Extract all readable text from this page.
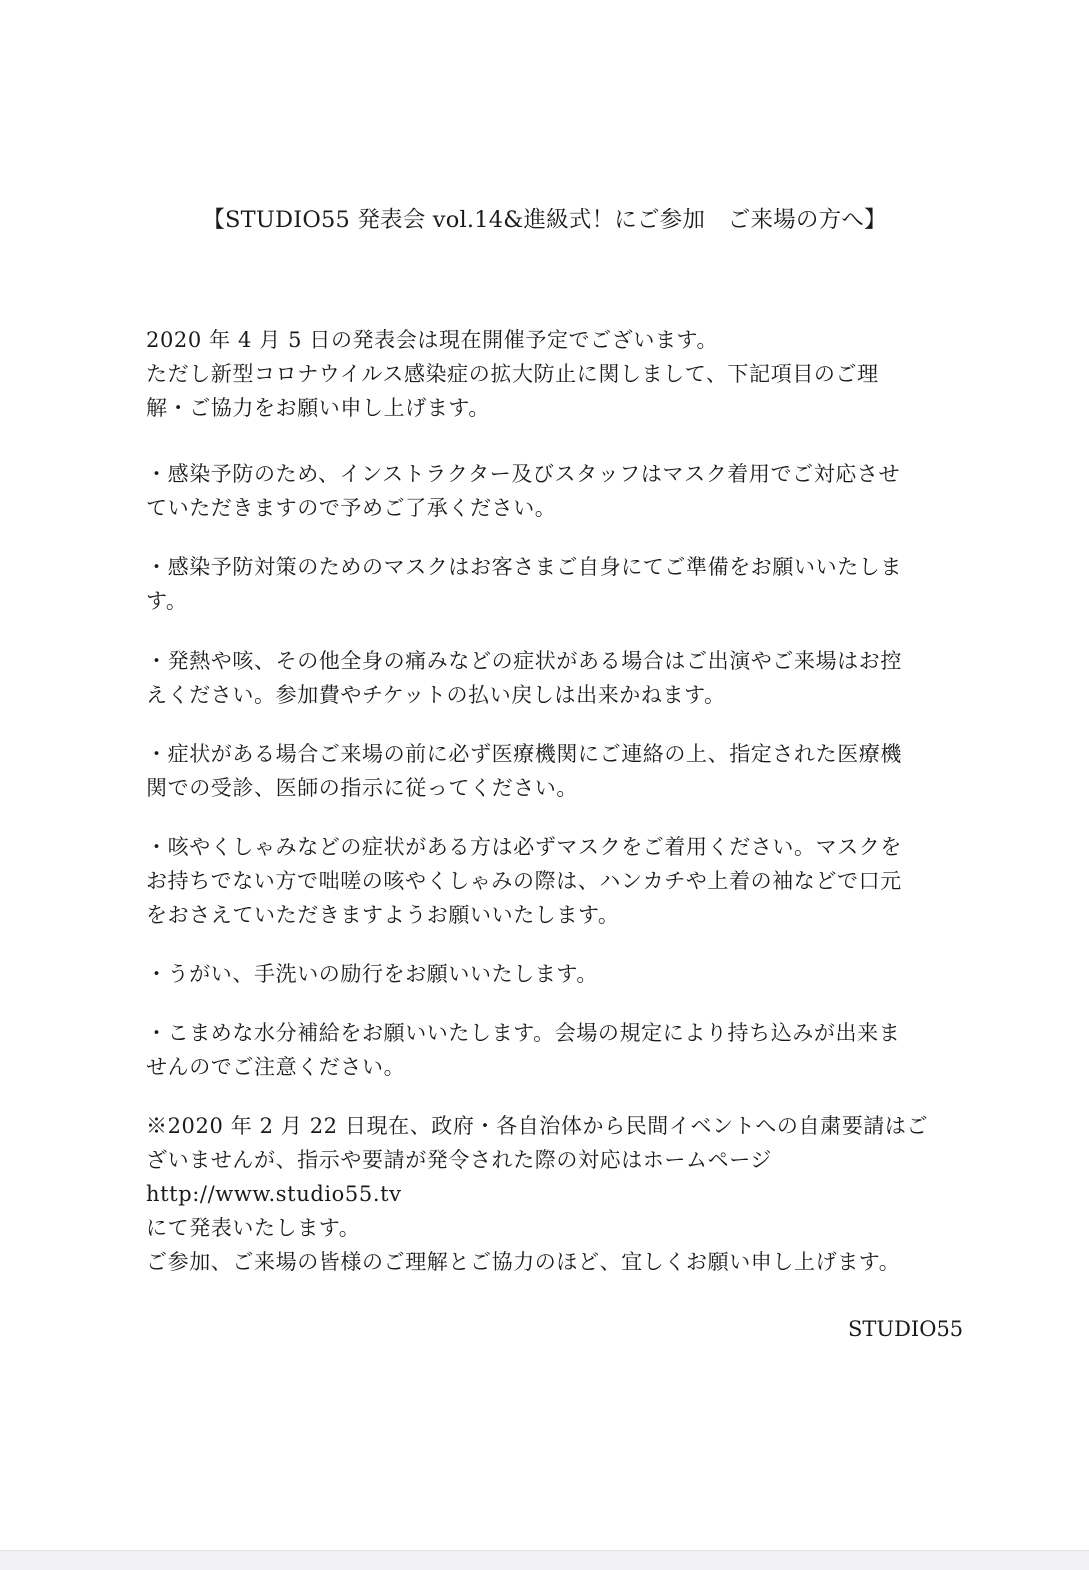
【STUDIO55 発表会 vol.14&進級式！にご参加　ご来場の方へ】
2020 年 4 月 5 日の発表会は現在開催予定でございます。
ただし新型コロナウイルス感染症の拡大防止に関しまして、下記項目のご理
解・ご協力をお願い申し上げます。
・感染予防のため、インストラクター及びスタッフはマスク着用でご対応させ
ていただきますので予めご了承ください。
・感染予防対策のためのマスクはお客さまご自身にてご準備をお願いいたしま
す。
・発熱や咳、その他全身の痛みなどの症状がある場合はご出演やご来場はお控
えください。参加費やチケットの払い戻しは出来かねます。
・症状がある場合ご来場の前に必ず医療機関にご連絡の上、指定された医療機
関での受診、医師の指示に従ってください。
・咳やくしゃみなどの症状がある方は必ずマスクをご着用ください。マスクを
お持ちでない方で咄嗟の咳やくしゃみの際は、ハンカチや上着の袖などで口元
をおさえていただきますようお願いいたします。
・うがい、手洗いの励行をお願いいたします。
・こまめな水分補給をお願いいたします。会場の規定により持ち込みが出来ま
せんのでご注意ください。
※2020 年 2 月 22 日現在、政府・各自治体から民間イベントへの自粛要請はご
ざいませんが、指示や要請が発令された際の対応はホームページ
http://www.studio55.tv
にて発表いたします。
ご参加、ご来場の皆様のご理解とご協力のほど、宜しくお願い申し上げます。
STUDIO55
